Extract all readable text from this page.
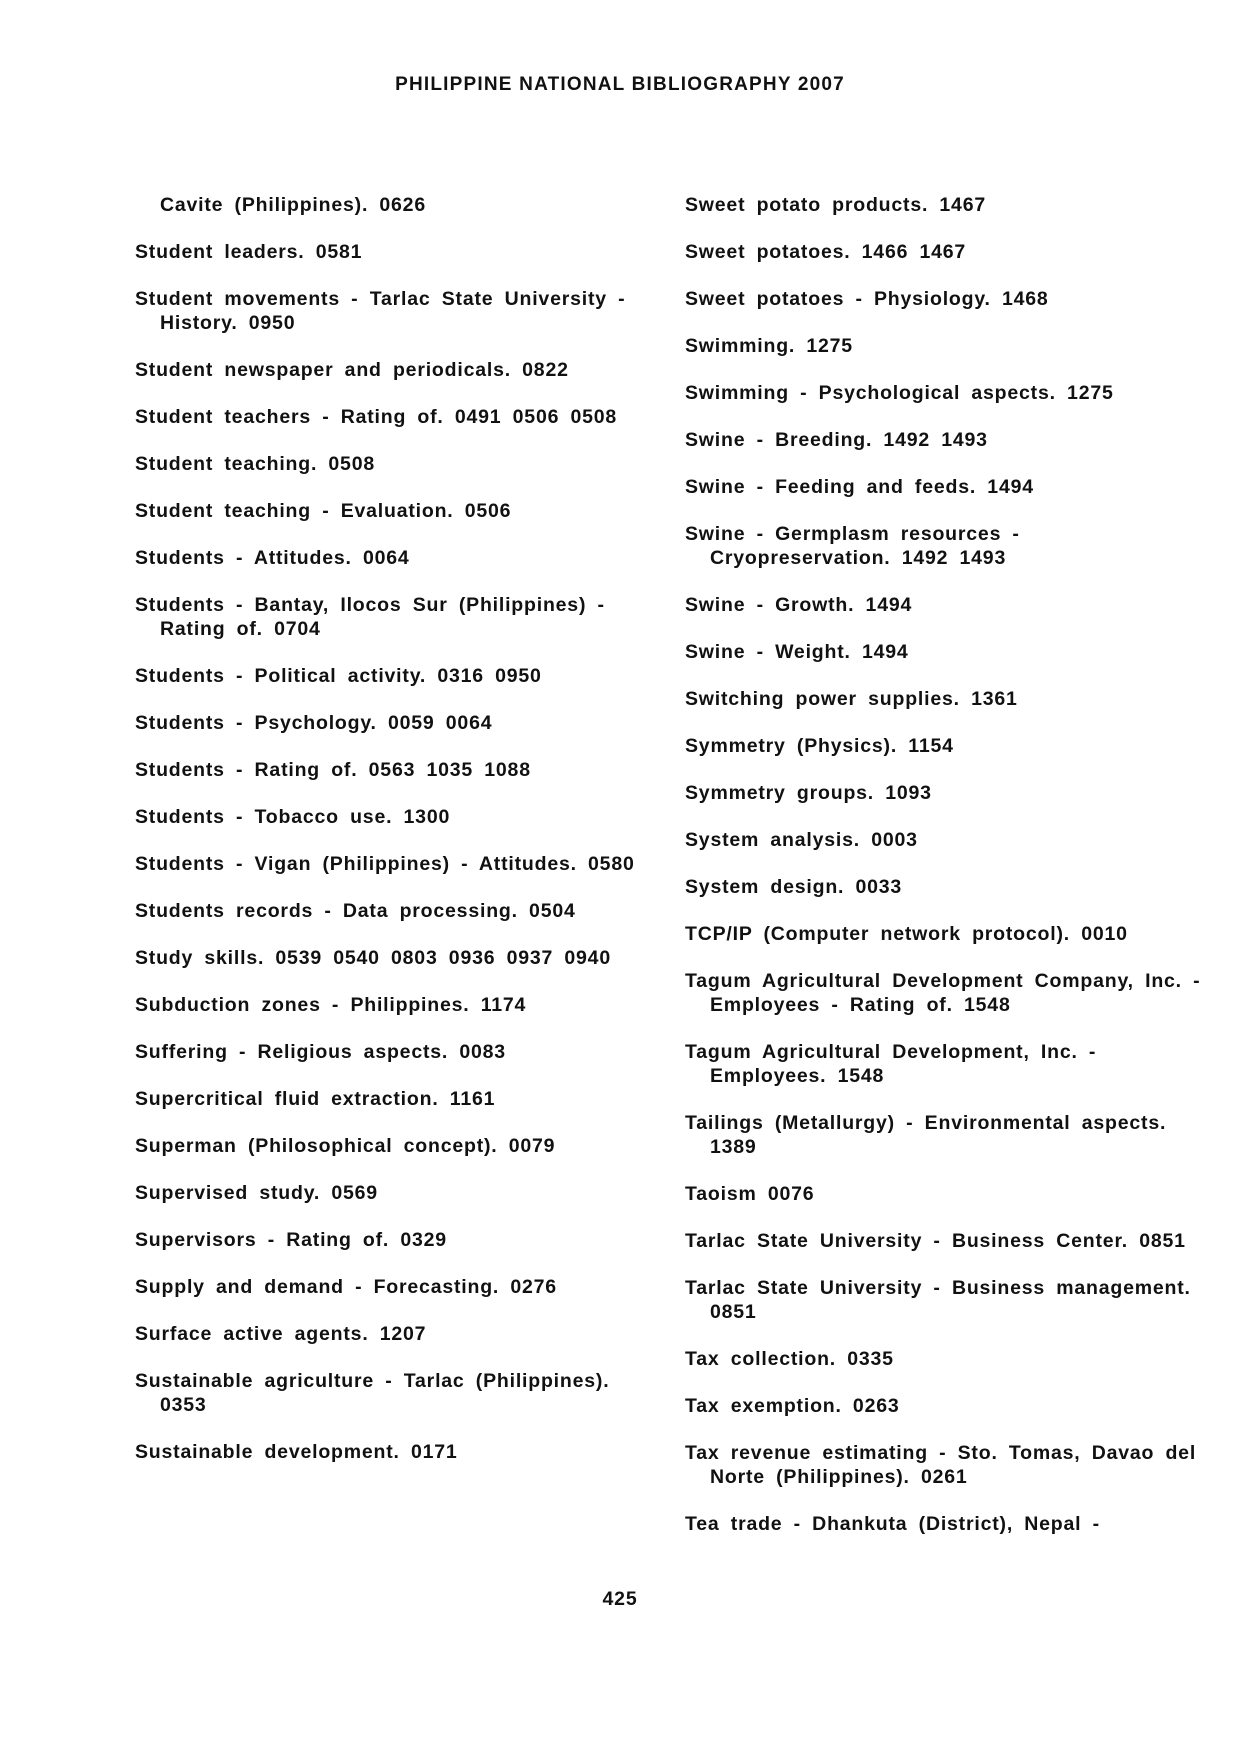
PHILIPPINE NATIONAL BIBLIOGRAPHY 2007
Cavite (Philippines). 0626
Student leaders. 0581
Student movements - Tarlac State University - History. 0950
Student newspaper and periodicals. 0822
Student teachers - Rating of. 0491 0506 0508
Student teaching. 0508
Student teaching - Evaluation. 0506
Students - Attitudes. 0064
Students - Bantay, Ilocos Sur (Philippines) - Rating of. 0704
Students - Political activity. 0316 0950
Students - Psychology. 0059 0064
Students - Rating of. 0563 1035 1088
Students - Tobacco use. 1300
Students - Vigan (Philippines) - Attitudes. 0580
Students records - Data processing. 0504
Study skills. 0539 0540 0803 0936 0937 0940
Subduction zones - Philippines. 1174
Suffering - Religious aspects. 0083
Supercritical fluid extraction. 1161
Superman (Philosophical concept). 0079
Supervised study. 0569
Supervisors - Rating of. 0329
Supply and demand - Forecasting. 0276
Surface active agents. 1207
Sustainable agriculture - Tarlac (Philippines). 0353
Sustainable development. 0171
Sweet potato products. 1467
Sweet potatoes. 1466 1467
Sweet potatoes - Physiology. 1468
Swimming. 1275
Swimming - Psychological aspects. 1275
Swine - Breeding. 1492 1493
Swine - Feeding and feeds. 1494
Swine - Germplasm resources - Cryopreservation. 1492 1493
Swine - Growth. 1494
Swine - Weight. 1494
Switching power supplies. 1361
Symmetry (Physics). 1154
Symmetry groups. 1093
System analysis. 0003
System design. 0033
TCP/IP (Computer network protocol). 0010
Tagum Agricultural Development Company, Inc. - Employees - Rating of. 1548
Tagum Agricultural Development, Inc. - Employees. 1548
Tailings (Metallurgy) - Environmental aspects. 1389
Taoism 0076
Tarlac State University - Business Center. 0851
Tarlac State University - Business management. 0851
Tax collection. 0335
Tax exemption. 0263
Tax revenue estimating - Sto. Tomas, Davao del Norte (Philippines). 0261
Tea trade - Dhankuta (District), Nepal -
425
